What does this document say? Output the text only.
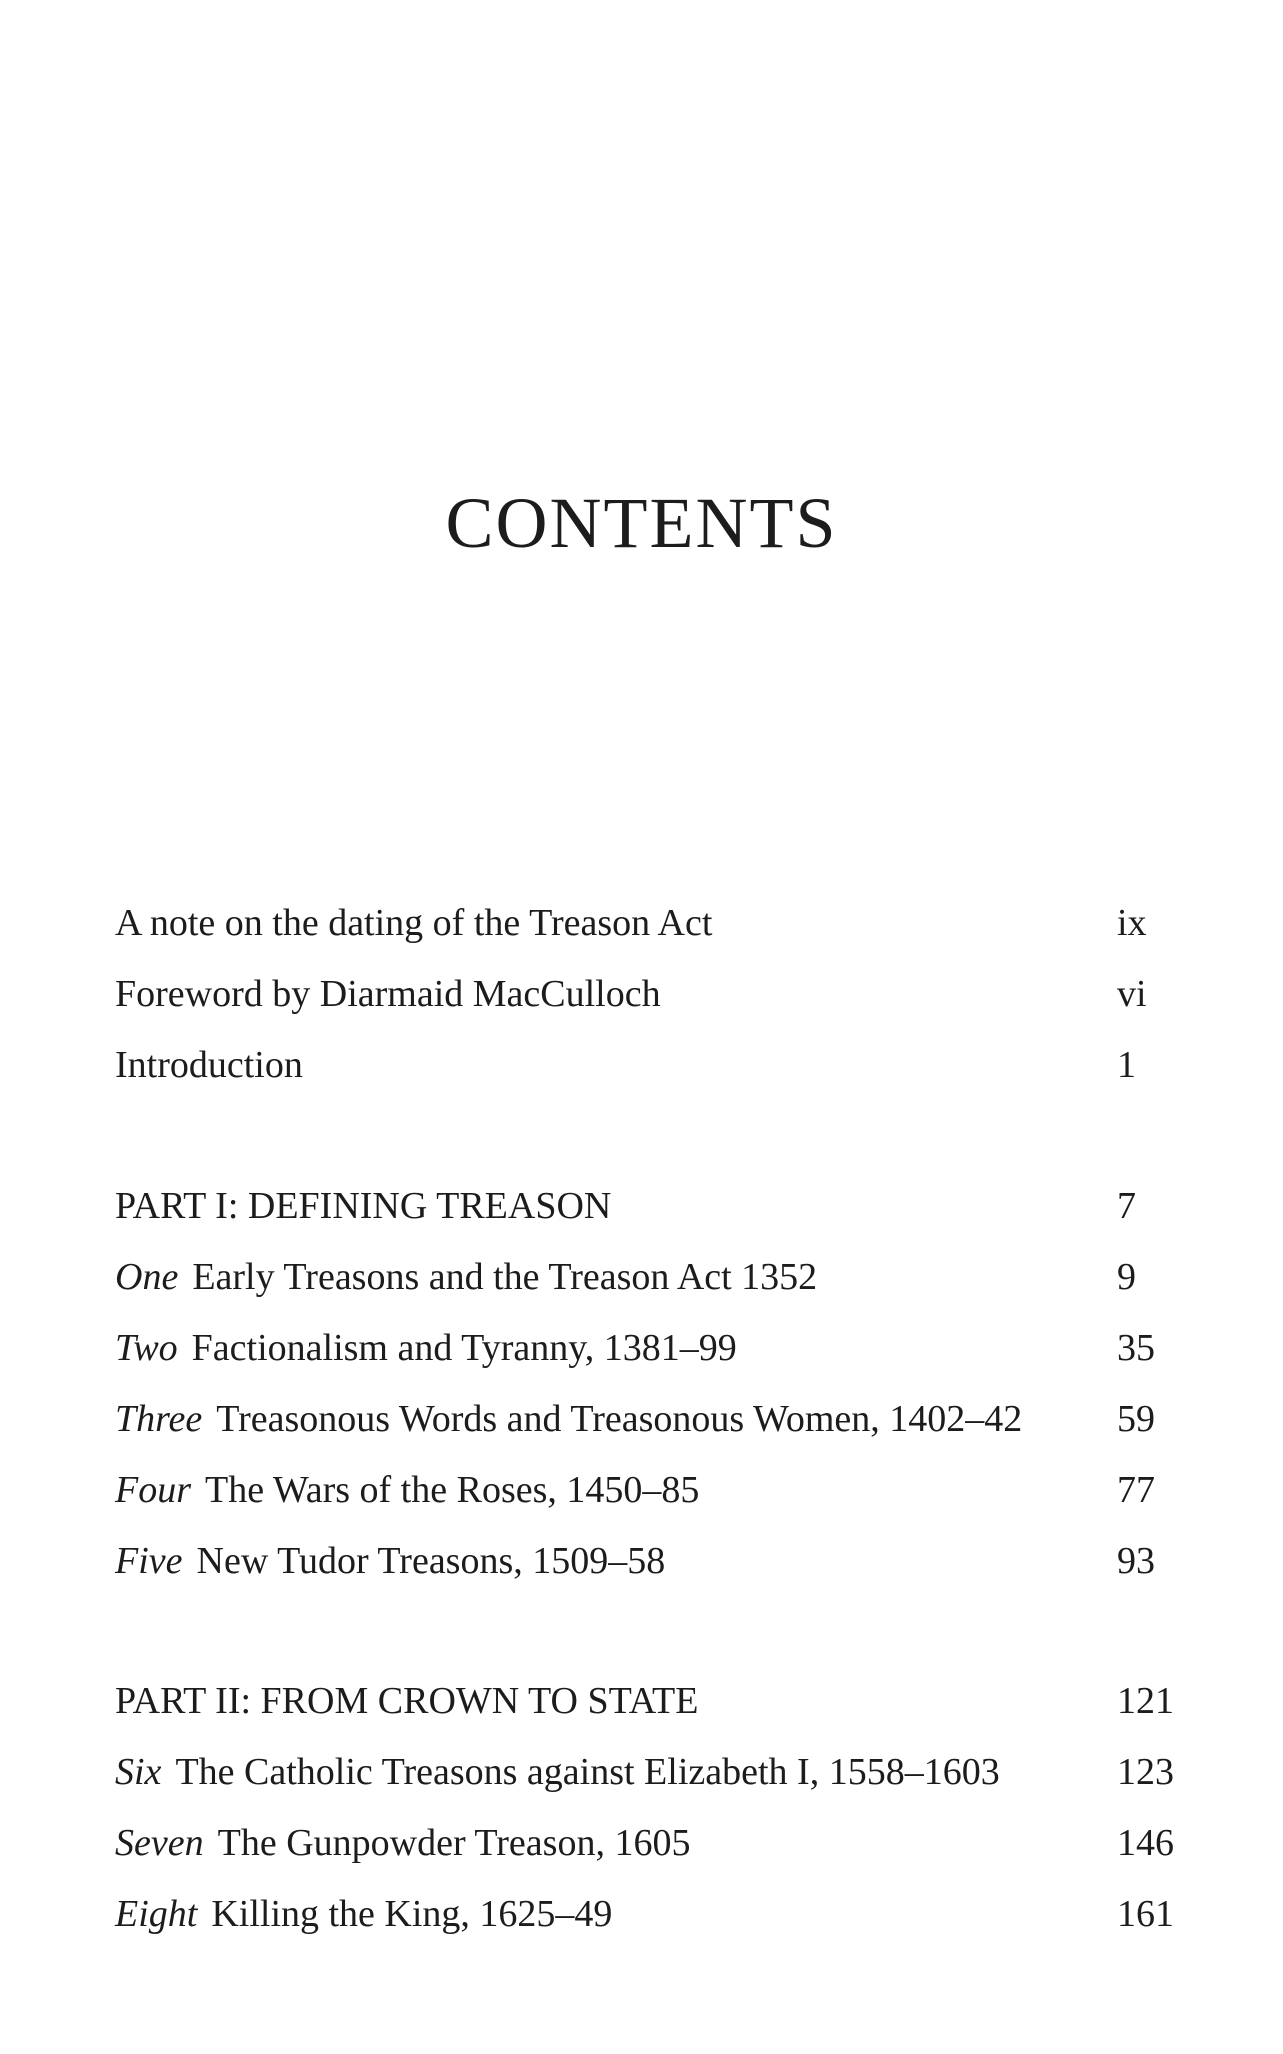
CONTENTS
A note on the dating of the Treason Act	ix
Foreword by Diarmaid MacCulloch	vi
Introduction	1
PART I: DEFINING TREASON	7
One Early Treasons and the Treason Act 1352	9
Two Factionalism and Tyranny, 1381–99	35
Three Treasonous Words and Treasonous Women, 1402–42 59
Four The Wars of the Roses, 1450–85	77
Five New Tudor Treasons, 1509–58	93
PART II: FROM CROWN TO STATE	121
Six The Catholic Treasons against Elizabeth I, 1558–1603	123
Seven The Gunpowder Treason, 1605	146
Eight Killing the King, 1625–49	161
